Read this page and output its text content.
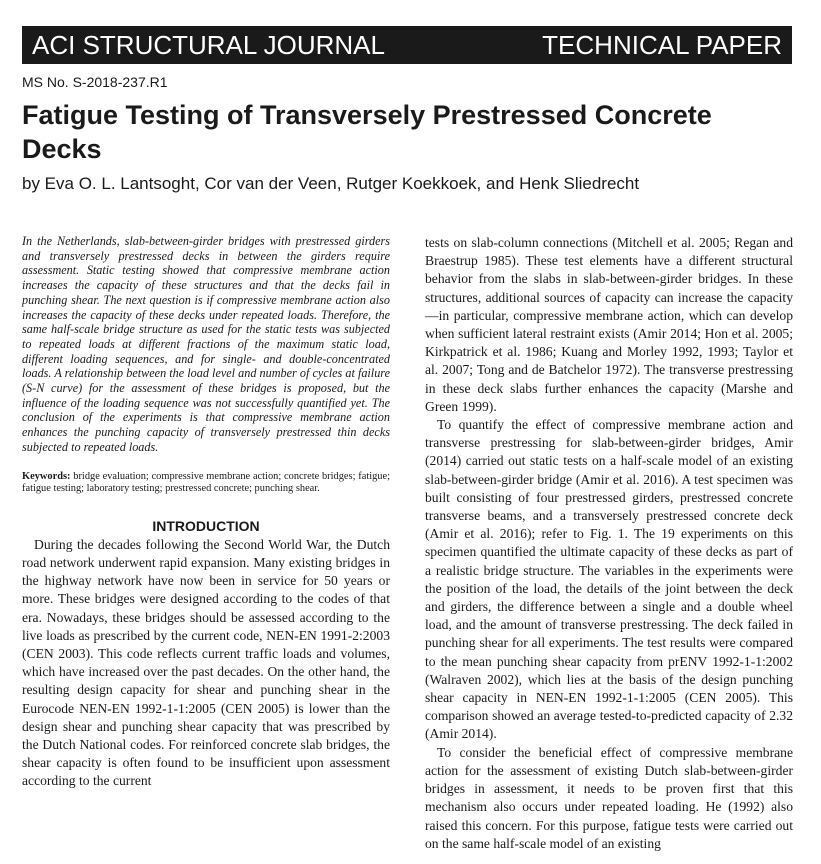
ACI STRUCTURAL JOURNAL	TECHNICAL PAPER
MS No. S-2018-237.R1
Fatigue Testing of Transversely Prestressed Concrete Decks
by Eva O. L. Lantsoght, Cor van der Veen, Rutger Koekkoek, and Henk Sliedrecht

In the Netherlands, slab-between-girder bridges with prestressed girders and transversely prestressed decks in between the girders require assessment. Static testing showed that compressive membrane action increases the capacity of these structures and that the decks fail in punching shear. The next question is if compressive membrane action also increases the capacity of these decks under repeated loads. Therefore, the same half-scale bridge structure as used for the static tests was subjected to repeated loads at different fractions of the maximum static load, different loading sequences, and for single- and double-concentrated loads. A relationship between the load level and number of cycles at failure (S-N curve) for the assessment of these bridges is proposed, but the influence of the loading sequence was not successfully quantified yet. The conclusion of the experiments is that compressive membrane action enhances the punching capacity of transversely prestressed thin decks subjected to repeated loads.

Keywords: bridge evaluation; compressive membrane action; concrete bridges; fatigue; fatigue testing; laboratory testing; prestressed concrete; punching shear.

INTRODUCTION

During the decades following the Second World War, the Dutch road network underwent rapid expansion. Many existing bridges in the highway network have now been in service for 50 years or more. These bridges were designed according to the codes of that era. Nowadays, these bridges should be assessed according to the live loads as prescribed by the current code, NEN-EN 1991-2:2003 (CEN 2003). This code reflects current traffic loads and volumes, which have increased over the past decades. On the other hand, the resulting design capacity for shear and punching shear in the Eurocode NEN-EN 1992-1-1:2005 (CEN 2005) is lower than the design shear and punching shear capacity that was prescribed by the Dutch National codes. For reinforced concrete slab bridges, the shear capacity is often found to be insufficient upon assessment according to the current

tests on slab-column connections (Mitchell et al. 2005; Regan and Braestrup 1985). These test elements have a different structural behavior from the slabs in slab-between-girder bridges. In these structures, additional sources of capacity can increase the capacity—in particular, compressive membrane action, which can develop when sufficient lateral restraint exists (Amir 2014; Hon et al. 2005; Kirkpatrick et al. 1986; Kuang and Morley 1992, 1993; Taylor et al. 2007; Tong and de Batchelor 1972). The transverse prestressing in these deck slabs further enhances the capacity (Marshe and Green 1999).

To quantify the effect of compressive membrane action and transverse prestressing for slab-between-girder bridges, Amir (2014) carried out static tests on a half-scale model of an existing slab-between-girder bridge (Amir et al. 2016). A test specimen was built consisting of four prestressed girders, prestressed concrete transverse beams, and a transversely prestressed concrete deck (Amir et al. 2016); refer to Fig. 1. The 19 experiments on this specimen quantified the ultimate capacity of these decks as part of a realistic bridge structure. The variables in the experiments were the position of the load, the details of the joint between the deck and girders, the difference between a single and a double wheel load, and the amount of transverse prestressing. The deck failed in punching shear for all experiments. The test results were compared to the mean punching shear capacity from prENV 1992-1-1:2002 (Walraven 2002), which lies at the basis of the design punching shear capacity in NEN-EN 1992-1-1:2005 (CEN 2005). This comparison showed an average tested-to-predicted capacity of 2.32 (Amir 2014).

To consider the beneficial effect of compressive membrane action for the assessment of existing Dutch slab-between-girder bridges in assessment, it needs to be proven first that this mechanism also occurs under repeated loading. He (1992) also raised this concern. For this purpose, fatigue tests were carried out on the same half-scale model of an existing
